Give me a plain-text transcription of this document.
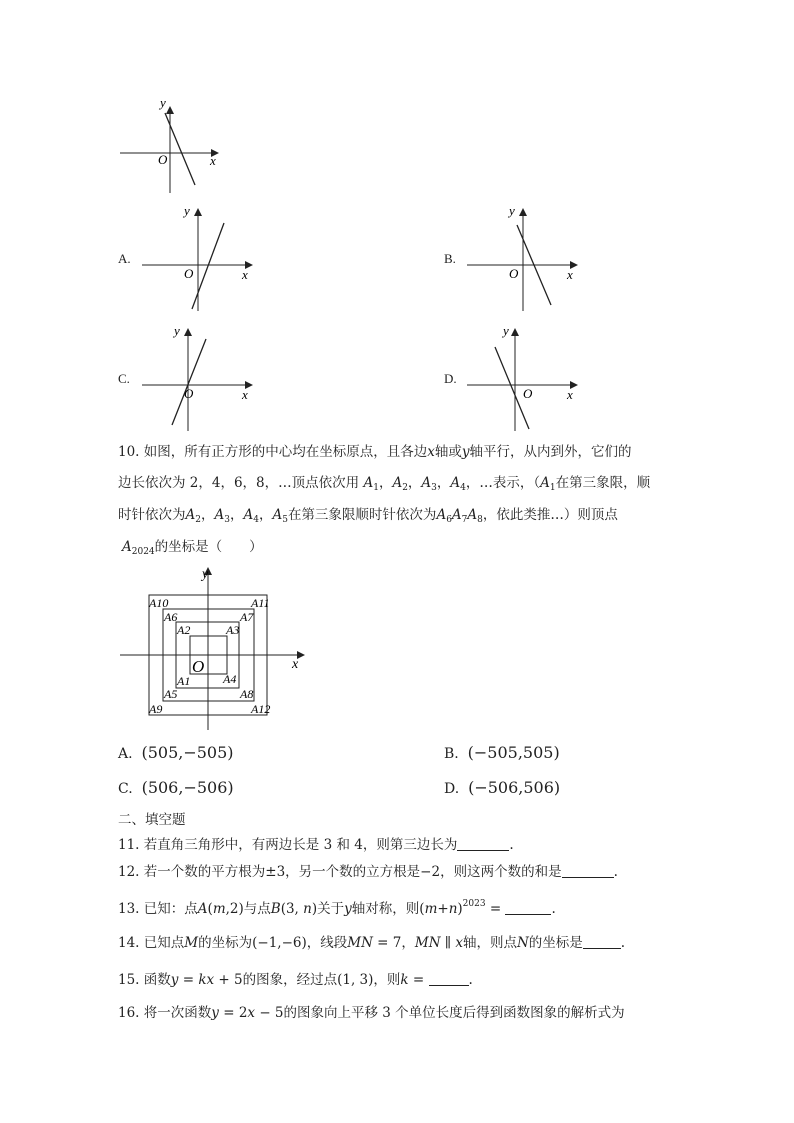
y
x
O
A.
y
x
O
B.
y
x
O
C.
y
x
O
D.
y
x
O
10. 如图，所有正方形的中心均在坐标原点，且各边x轴或y轴平行，从内到外，它们的
边长依次为 2，4，6，8，…顶点依次用 $A_1$，$A_2$，$A_3$，$A_4$，…表示，（$A_1$在第三象限，顺
时针依次为$A_2$，$A_3$，$A_4$，$A_5$在第三象限顺时针依次为$A_6A_7A_8$，依此类推…）则顶点
$A_{2024}$的坐标是（　　）
y
x
O
A10	A11
A6	A7
A2	A3
A1	A4
A5	A8
A9	A12
A. (505,−505)	B. (−505,505)
C. (506,−506)	D. (−506,506)
二、填空题
11. 若直角三角形中，有两边长是 3 和 4，则第三边长为	.
12. 若一个数的平方根为±3，另一个数的立方根是−2，则这两个数的和是	.
13. 已知：点A(m,2)与点B(3, n)关于y轴对称，则$(m+n)^{2023}$ =	.
14. 已知点M的坐标为(−1,−6)，线段MN = 7，MN ∥ x轴，则点N的坐标是	.
15. 函数y = kx + 5的图象，经过点(1, 3)，则k =	.
16. 将一次函数y = 2x − 5的图象向上平移 3 个单位长度后得到函数图象的解析式为
